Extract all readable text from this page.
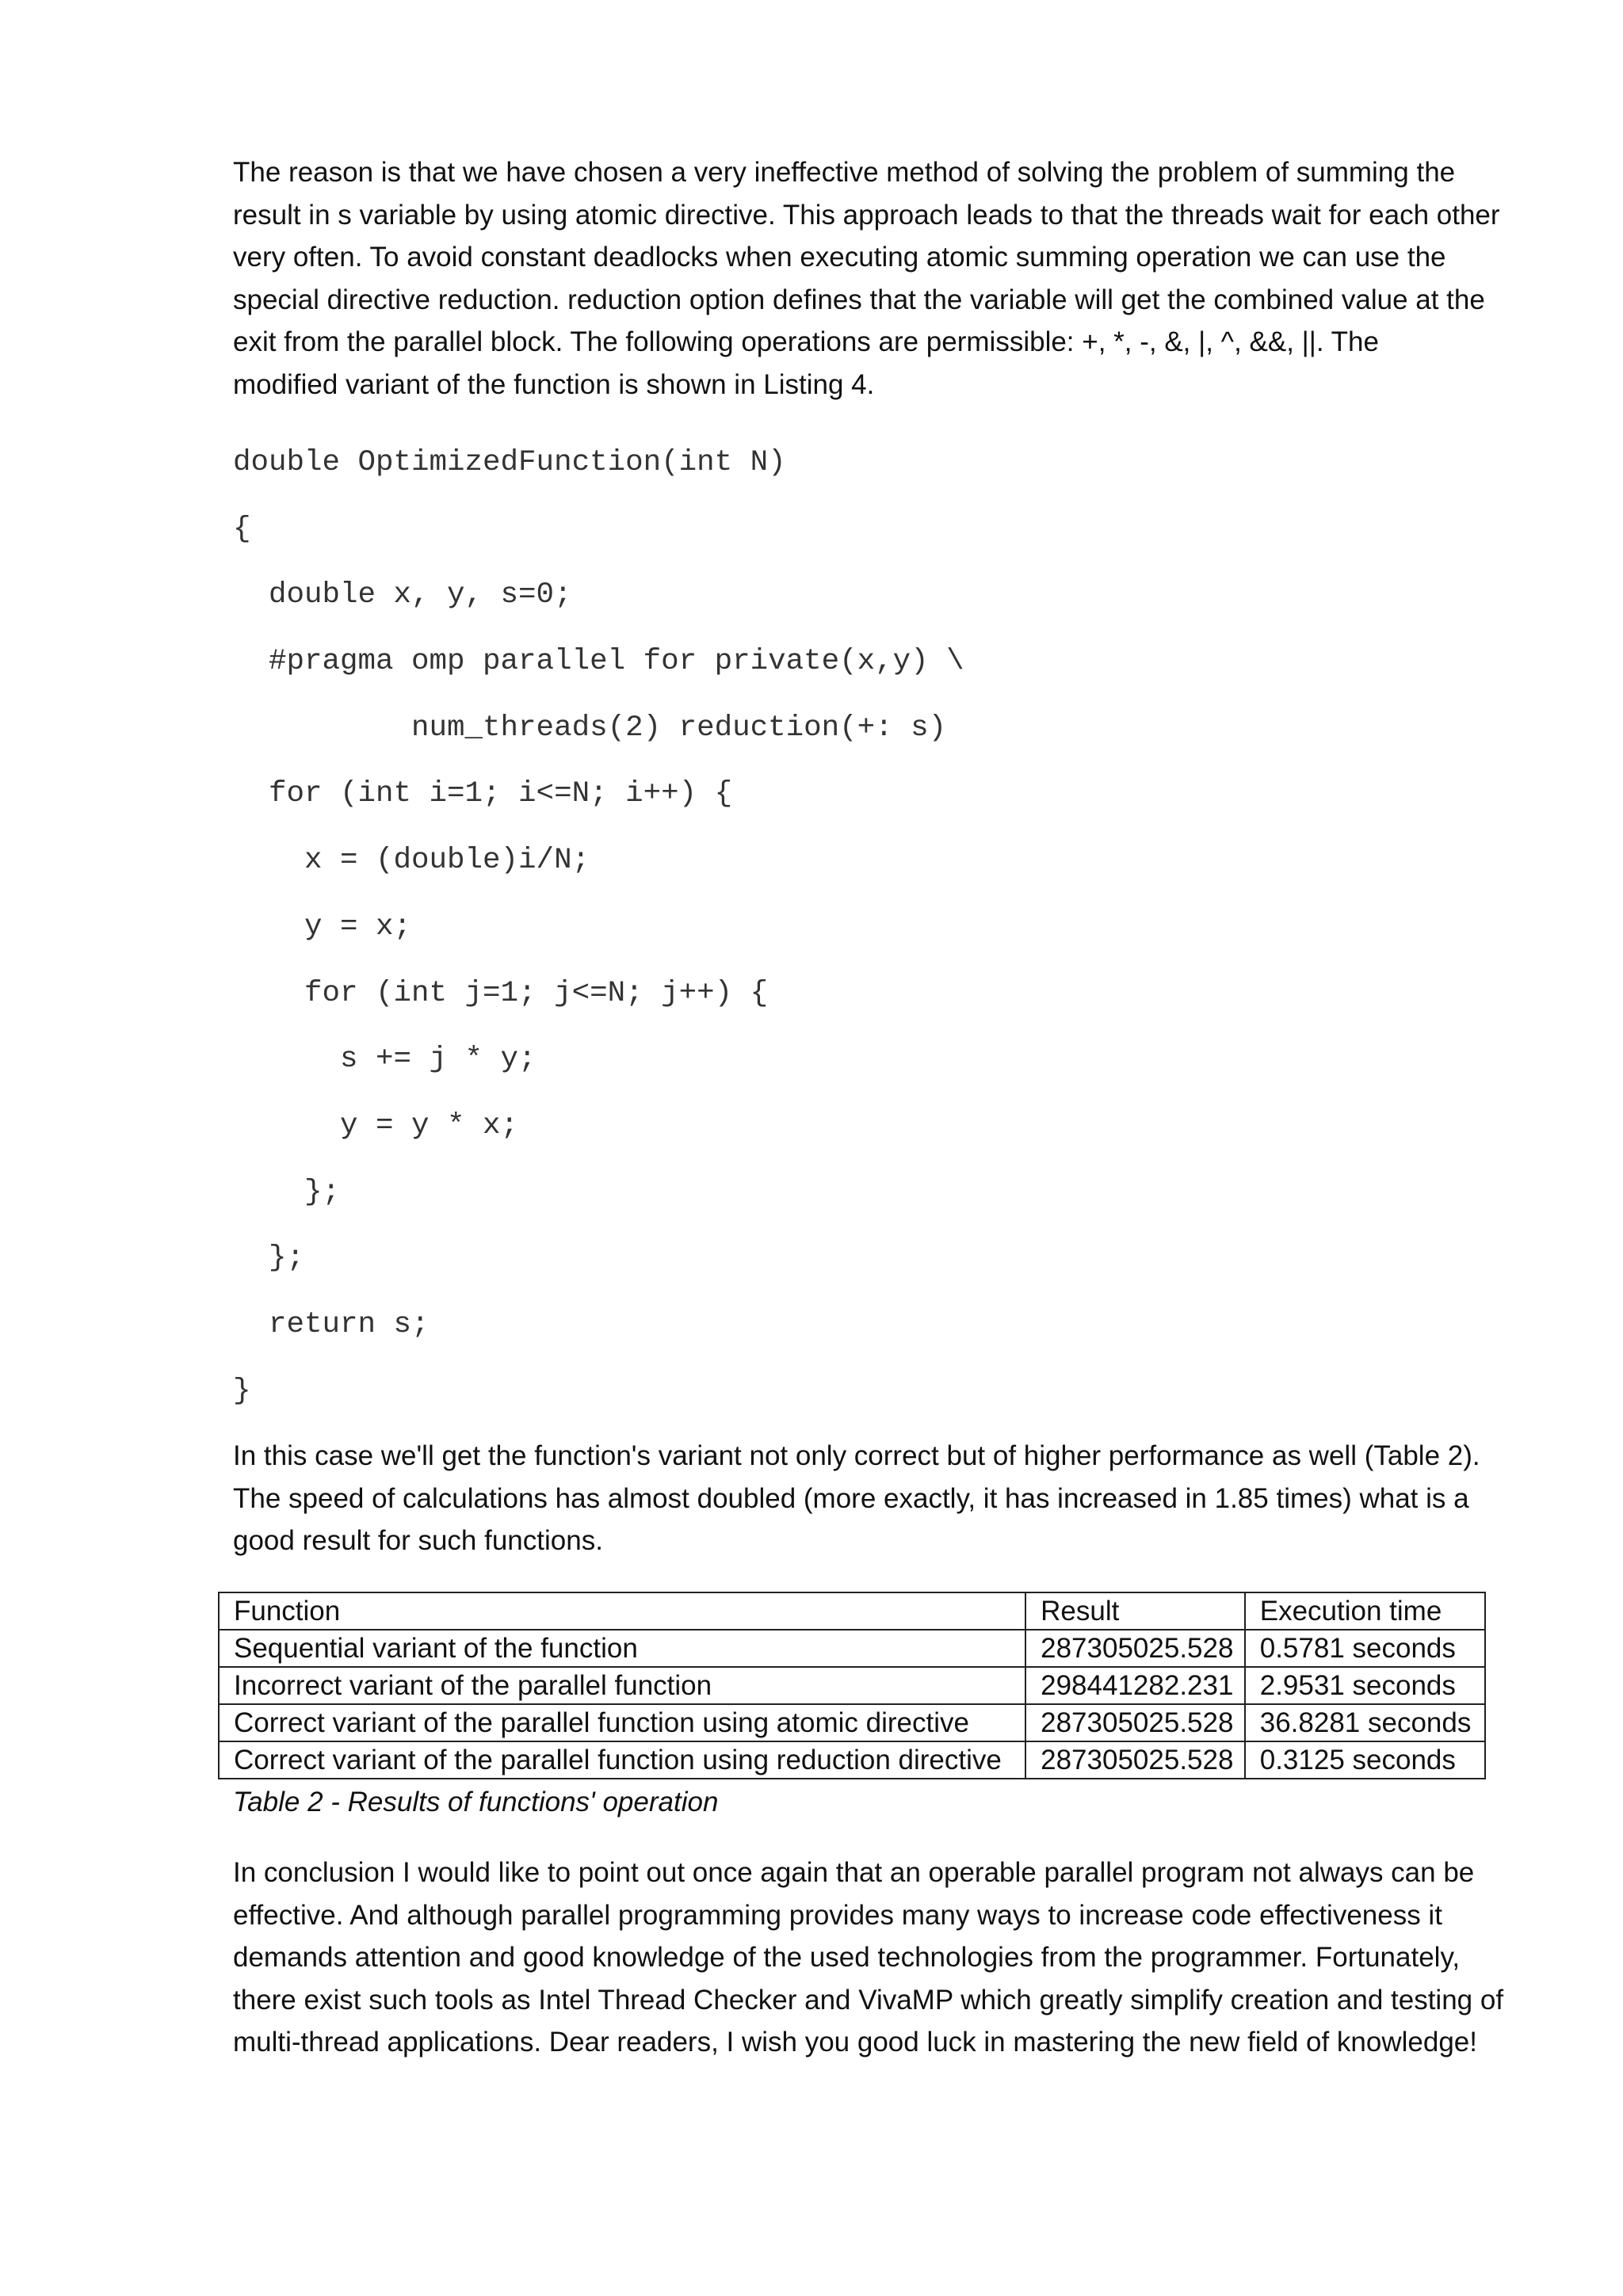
The reason is that we have chosen a very ineffective method of solving the problem of summing the
result in s variable by using atomic directive. This approach leads to that the threads wait for each other
very often. To avoid constant deadlocks when executing atomic summing operation we can use the
special directive reduction. reduction option defines that the variable will get the combined value at the
exit from the parallel block. The following operations are permissible: +, *, -, &, |, ^, &&, ||. The
modified variant of the function is shown in Listing 4.

double OptimizedFunction(int N)
{
double x, y, s=0;
#pragma omp parallel for private(x,y) \
num_threads(2) reduction(+: s)
for (int i=1; i<=N; i++) {
x = (double)i/N;
y = x;
for (int j=1; j<=N; j++) {
s += j * y;
y = y * x;
};
};
return s;
}

In this case we'll get the function's variant not only correct but of higher performance as well (Table 2).
The speed of calculations has almost doubled (more exactly, it has increased in 1.85 times) what is a
good result for such functions.

Function	Result	Execution time
Sequential variant of the function	287305025.528	0.5781 seconds
Incorrect variant of the parallel function	298441282.231	2.9531 seconds
Correct variant of the parallel function using atomic directive	287305025.528	36.8281 seconds
Correct variant of the parallel function using reduction directive	287305025.528	0.3125 seconds

Table 2 - Results of functions' operation

In conclusion I would like to point out once again that an operable parallel program not always can be
effective. And although parallel programming provides many ways to increase code effectiveness it
demands attention and good knowledge of the used technologies from the programmer. Fortunately,
there exist such tools as Intel Thread Checker and VivaMP which greatly simplify creation and testing of
multi-thread applications. Dear readers, I wish you good luck in mastering the new field of knowledge!
